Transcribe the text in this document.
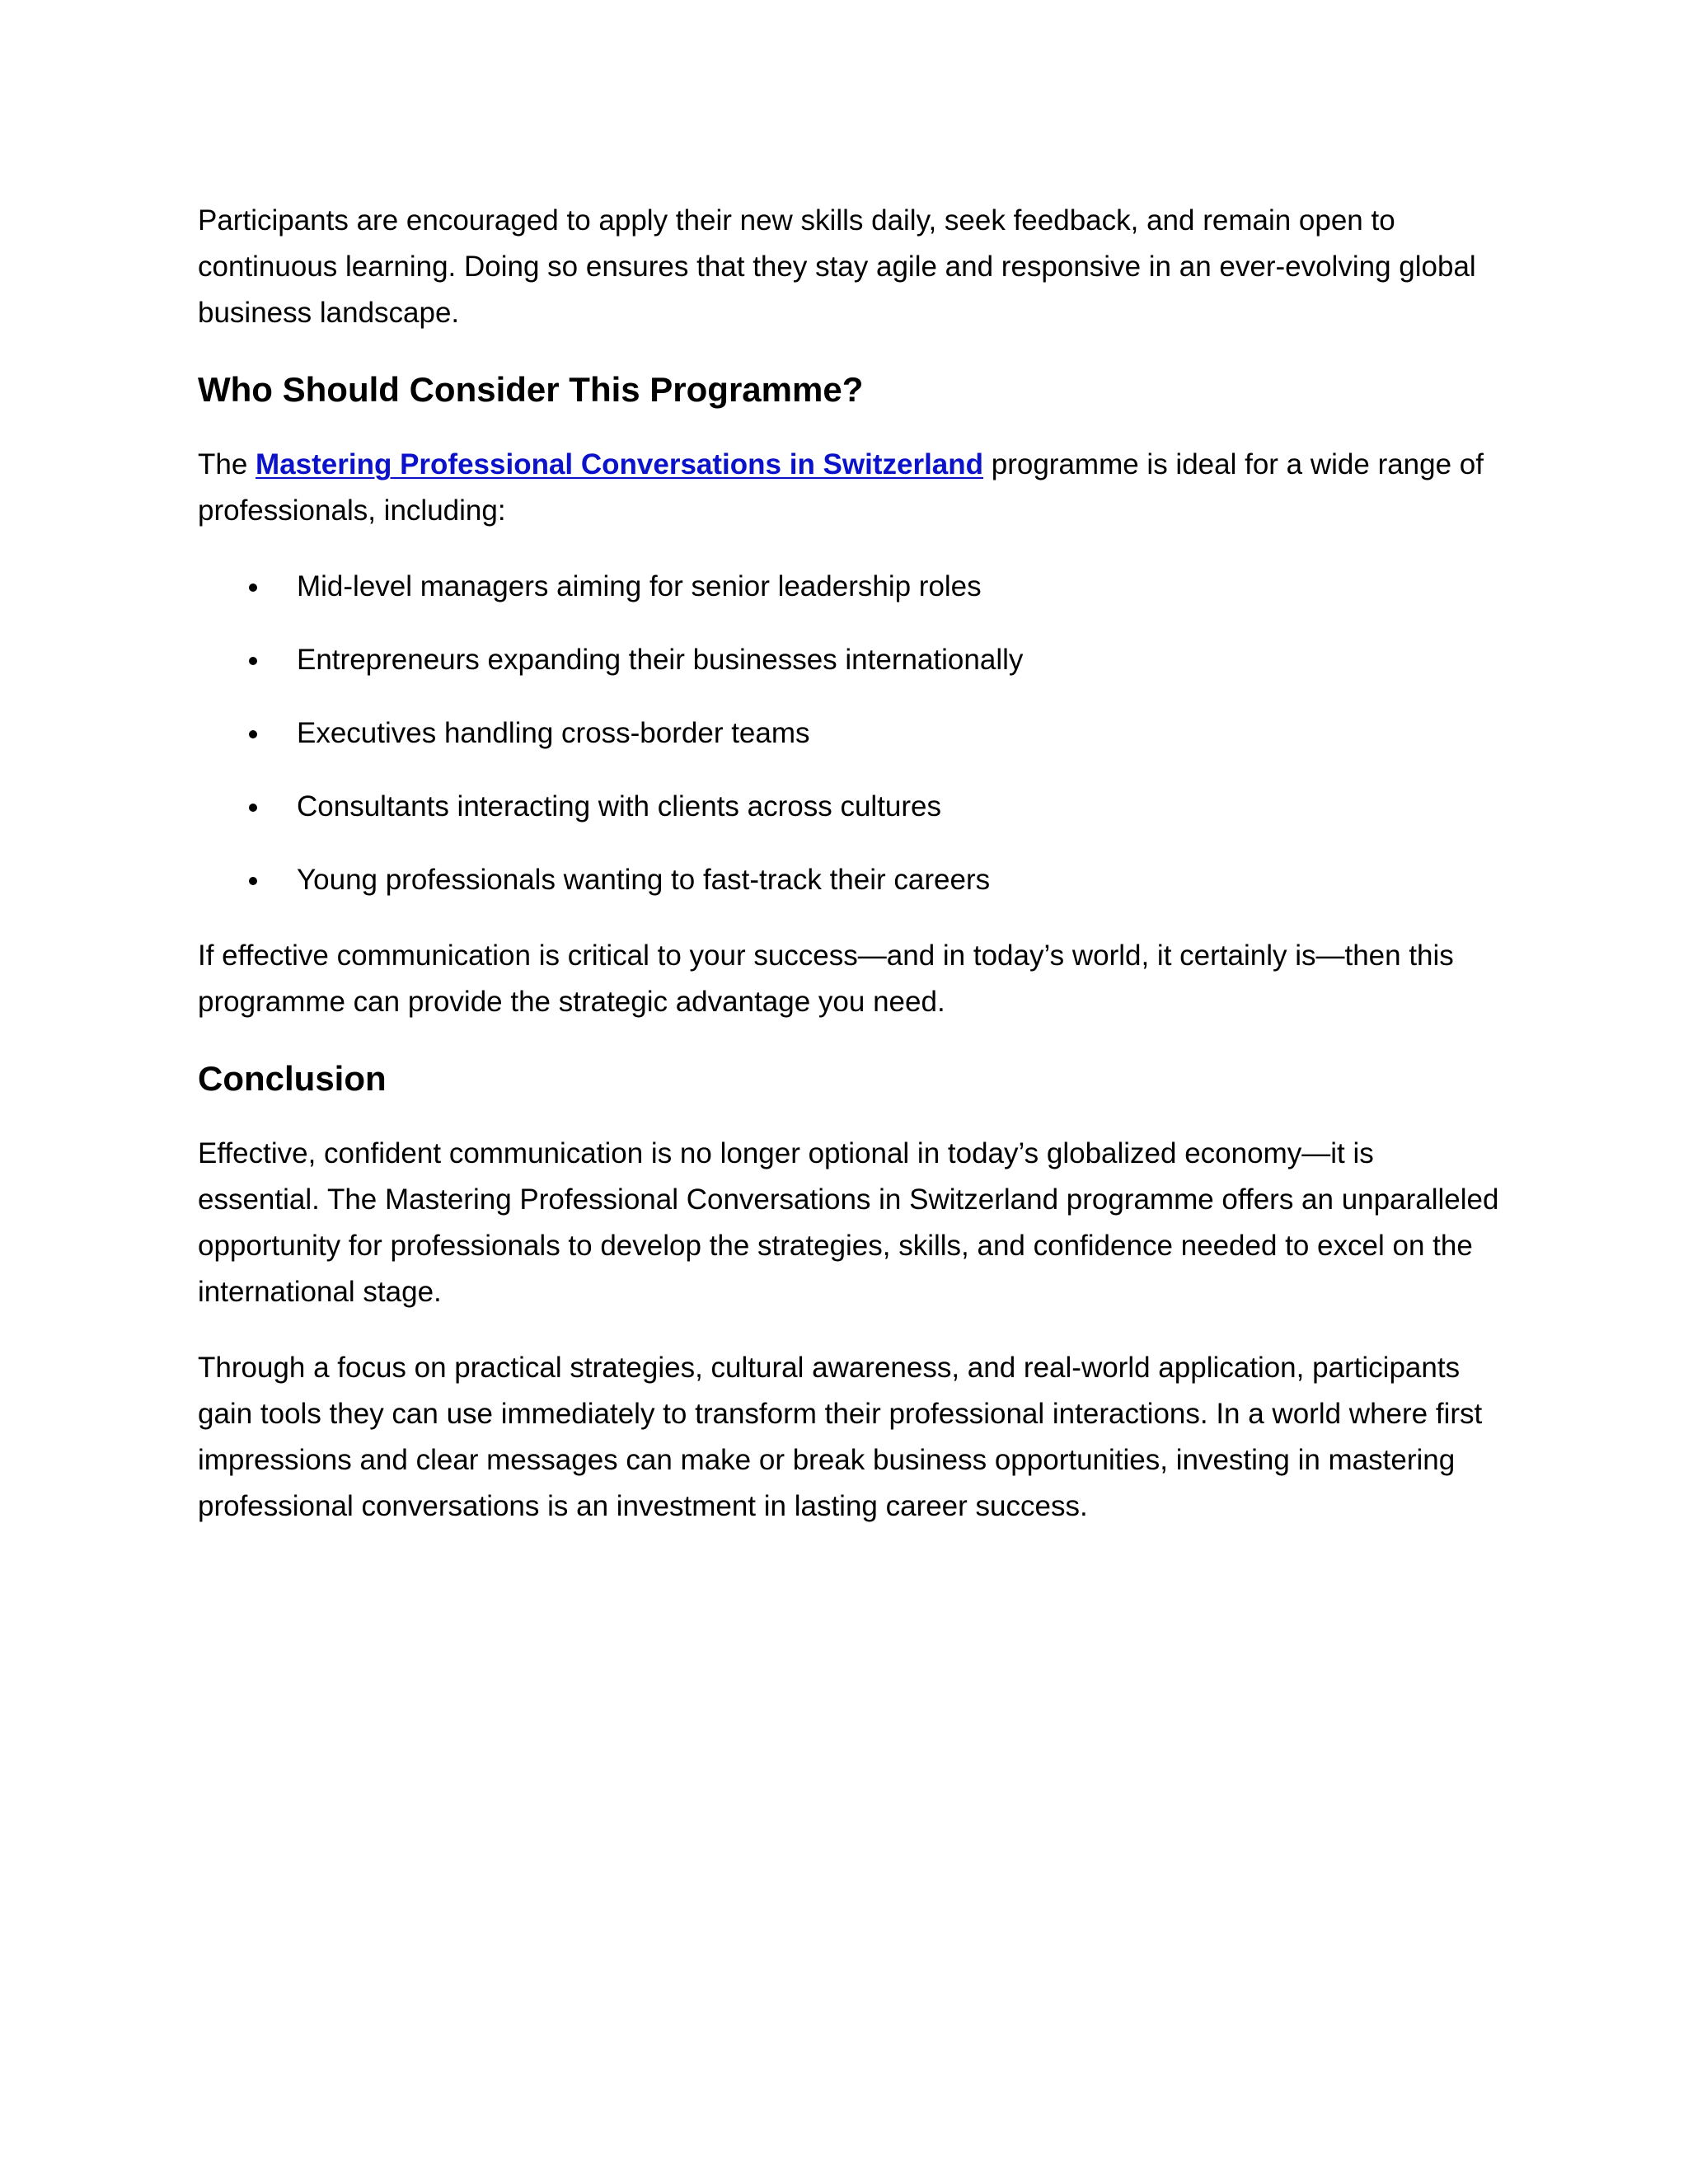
Participants are encouraged to apply their new skills daily, seek feedback, and remain open to continuous learning. Doing so ensures that they stay agile and responsive in an ever-evolving global business landscape.

Who Should Consider This Programme?

The Mastering Professional Conversations in Switzerland programme is ideal for a wide range of professionals, including:

Mid-level managers aiming for senior leadership roles
Entrepreneurs expanding their businesses internationally
Executives handling cross-border teams
Consultants interacting with clients across cultures
Young professionals wanting to fast-track their careers

If effective communication is critical to your success—and in today’s world, it certainly is—then this programme can provide the strategic advantage you need.

Conclusion

Effective, confident communication is no longer optional in today’s globalized economy—it is essential. The Mastering Professional Conversations in Switzerland programme offers an unparalleled opportunity for professionals to develop the strategies, skills, and confidence needed to excel on the international stage.

Through a focus on practical strategies, cultural awareness, and real-world application, participants gain tools they can use immediately to transform their professional interactions. In a world where first impressions and clear messages can make or break business opportunities, investing in mastering professional conversations is an investment in lasting career success.
